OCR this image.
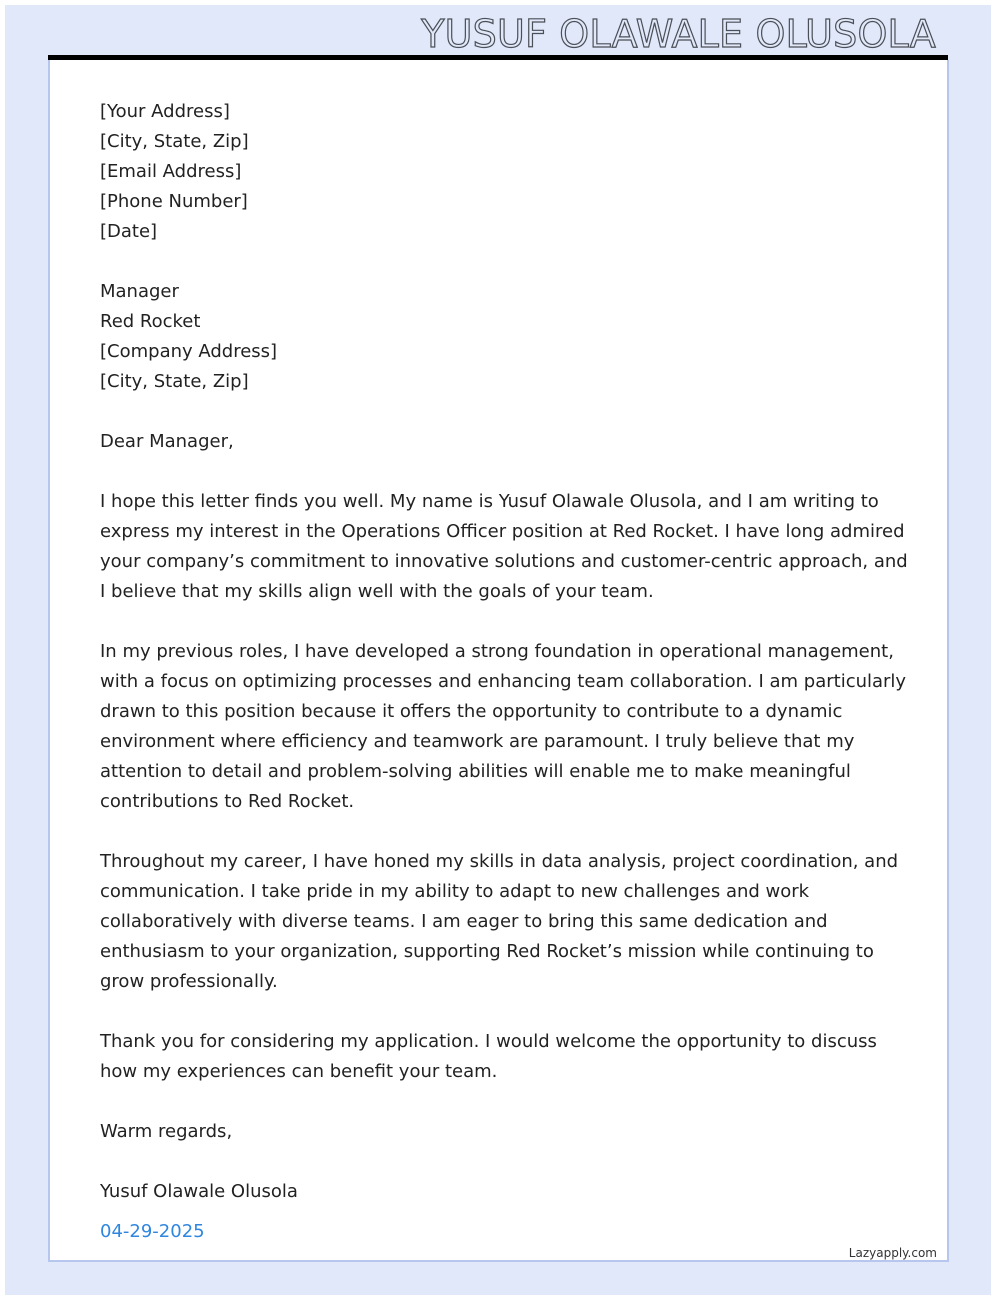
YUSUF OLAWALE OLUSOLA
[Your Address]
[City, State, Zip]
[Email Address]
[Phone Number]
[Date]
Manager
Red Rocket
[Company Address]
[City, State, Zip]
Dear Manager,
I hope this letter finds you well. My name is Yusuf Olawale Olusola, and I am writing to
express my interest in the Operations Officer position at Red Rocket. I have long admired
your company’s commitment to innovative solutions and customer-centric approach, and
I believe that my skills align well with the goals of your team.
In my previous roles, I have developed a strong foundation in operational management,
with a focus on optimizing processes and enhancing team collaboration. I am particularly
drawn to this position because it offers the opportunity to contribute to a dynamic
environment where efficiency and teamwork are paramount. I truly believe that my
attention to detail and problem-solving abilities will enable me to make meaningful
contributions to Red Rocket.
Throughout my career, I have honed my skills in data analysis, project coordination, and
communication. I take pride in my ability to adapt to new challenges and work
collaboratively with diverse teams. I am eager to bring this same dedication and
enthusiasm to your organization, supporting Red Rocket’s mission while continuing to
grow professionally.
Thank you for considering my application. I would welcome the opportunity to discuss
how my experiences can benefit your team.
Warm regards,
Yusuf Olawale Olusola
04-29-2025
Lazyapply.com
